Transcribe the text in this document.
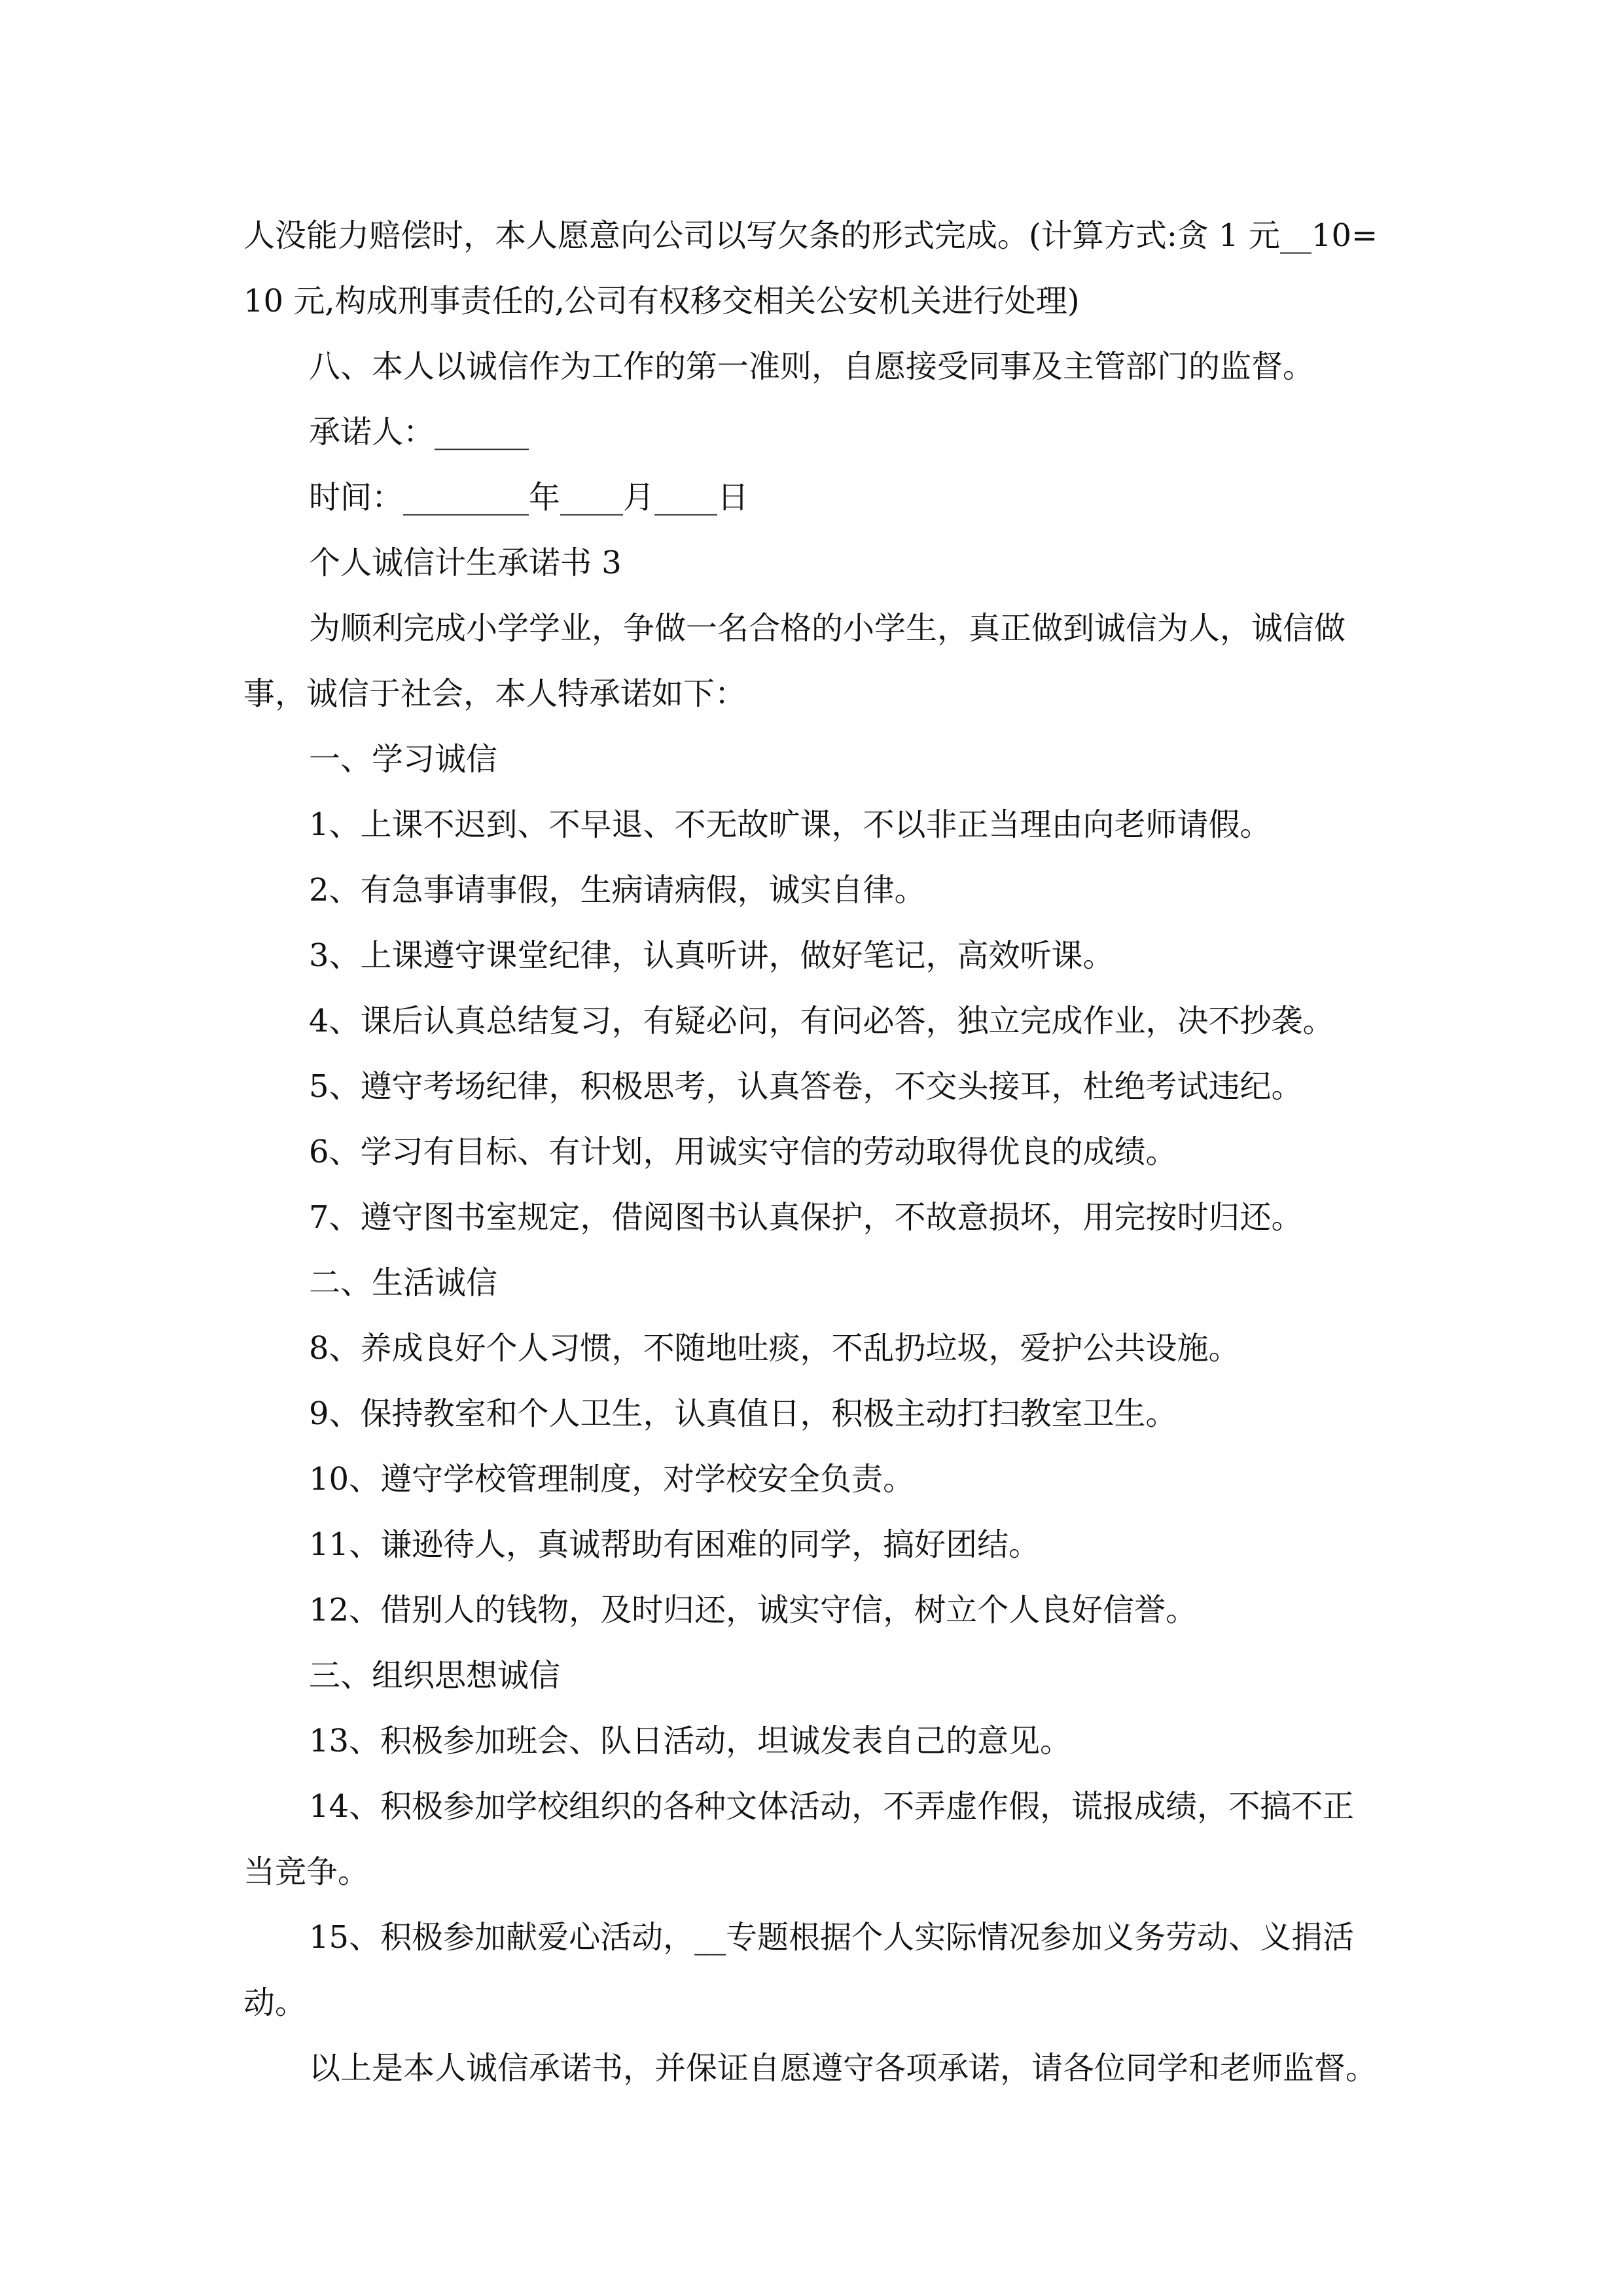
人没能力赔偿时，本人愿意向公司以写欠条的形式完成。(计算方式:贪 1 元__10=10 元,构成刑事责任的,公司有权移交相关公安机关进行处理)

八、本人以诚信作为工作的第一准则，自愿接受同事及主管部门的监督。

承诺人：______

时间：________年____月____日

个人诚信计生承诺书 3

为顺利完成小学学业，争做一名合格的小学生，真正做到诚信为人，诚信做事，诚信于社会，本人特承诺如下：

一、学习诚信

1、上课不迟到、不早退、不无故旷课，不以非正当理由向老师请假。

2、有急事请事假，生病请病假，诚实自律。

3、上课遵守课堂纪律，认真听讲，做好笔记，高效听课。

4、课后认真总结复习，有疑必问，有问必答，独立完成作业，决不抄袭。

5、遵守考场纪律，积极思考，认真答卷，不交头接耳，杜绝考试违纪。

6、学习有目标、有计划，用诚实守信的劳动取得优良的成绩。

7、遵守图书室规定，借阅图书认真保护，不故意损坏，用完按时归还。

二、生活诚信

8、养成良好个人习惯，不随地吐痰，不乱扔垃圾，爱护公共设施。

9、保持教室和个人卫生，认真值日，积极主动打扫教室卫生。

10、遵守学校管理制度，对学校安全负责。

11、谦逊待人，真诚帮助有困难的同学，搞好团结。

12、借别人的钱物，及时归还，诚实守信，树立个人良好信誉。

三、组织思想诚信

13、积极参加班会、队日活动，坦诚发表自己的意见。

14、积极参加学校组织的各种文体活动，不弄虚作假，谎报成绩，不搞不正当竞争。

15、积极参加献爱心活动，__专题根据个人实际情况参加义务劳动、义捐活动。

以上是本人诚信承诺书，并保证自愿遵守各项承诺，请各位同学和老师监督。
